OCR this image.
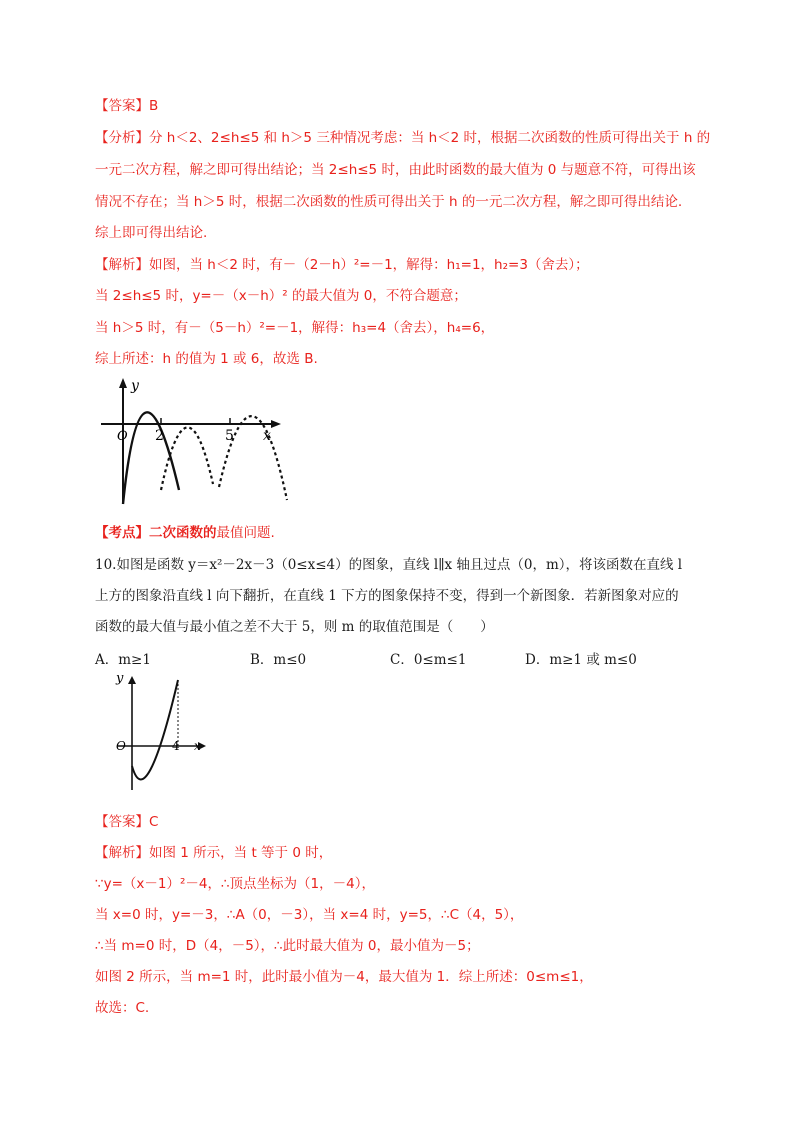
【答案】B
【分析】分 h＜2、2≤h≤5 和 h＞5 三种情况考虑：当 h＜2 时，根据二次函数的性质可得出关于 h 的
一元二次方程，解之即可得出结论；当 2≤h≤5 时，由此时函数的最大值为 0 与题意不符，可得出该
情况不存在；当 h＞5 时，根据二次函数的性质可得出关于 h 的一元二次方程，解之即可得出结论.
综上即可得出结论.
【解析】如图，当 h＜2 时，有－（2－h）²=－1，解得：h₁=1，h₂=3（舍去）；
当 2≤h≤5 时，y=－（x－h）² 的最大值为 0，不符合题意；
当 h＞5 时，有－（5－h）²=－1，解得：h₃=4（舍去），h₄=6，
综上所述：h 的值为 1 或 6，故选 B.
y
O 2	5 x
【考点】二次函数的最值问题.
10.如图是函数 y＝x²－2x－3（0≤x≤4）的图象，直线 l∥x 轴且过点（0，m），将该函数在直线 l
上方的图象沿直线 l 向下翻折，在直线 1 下方的图象保持不变，得到一个新图象．若新图象对应的
函数的最大值与最小值之差不大于 5，则 m 的取值范围是（　　）
A．m≥1	B．m≤0	C．0≤m≤1	D．m≥1 或 m≤0
y
O	4 x
【答案】C
【解析】如图 1 所示，当 t 等于 0 时，
∵y=（x－1）²－4，∴顶点坐标为（1，－4），
当 x=0 时，y=－3，∴A（0，－3），当 x=4 时，y=5，∴C（4，5），
∴当 m=0 时，D（4，－5），∴此时最大值为 0，最小值为－5；
如图 2 所示，当 m=1 时，此时最小值为－4，最大值为 1．综上所述：0≤m≤1，
故选：C.
